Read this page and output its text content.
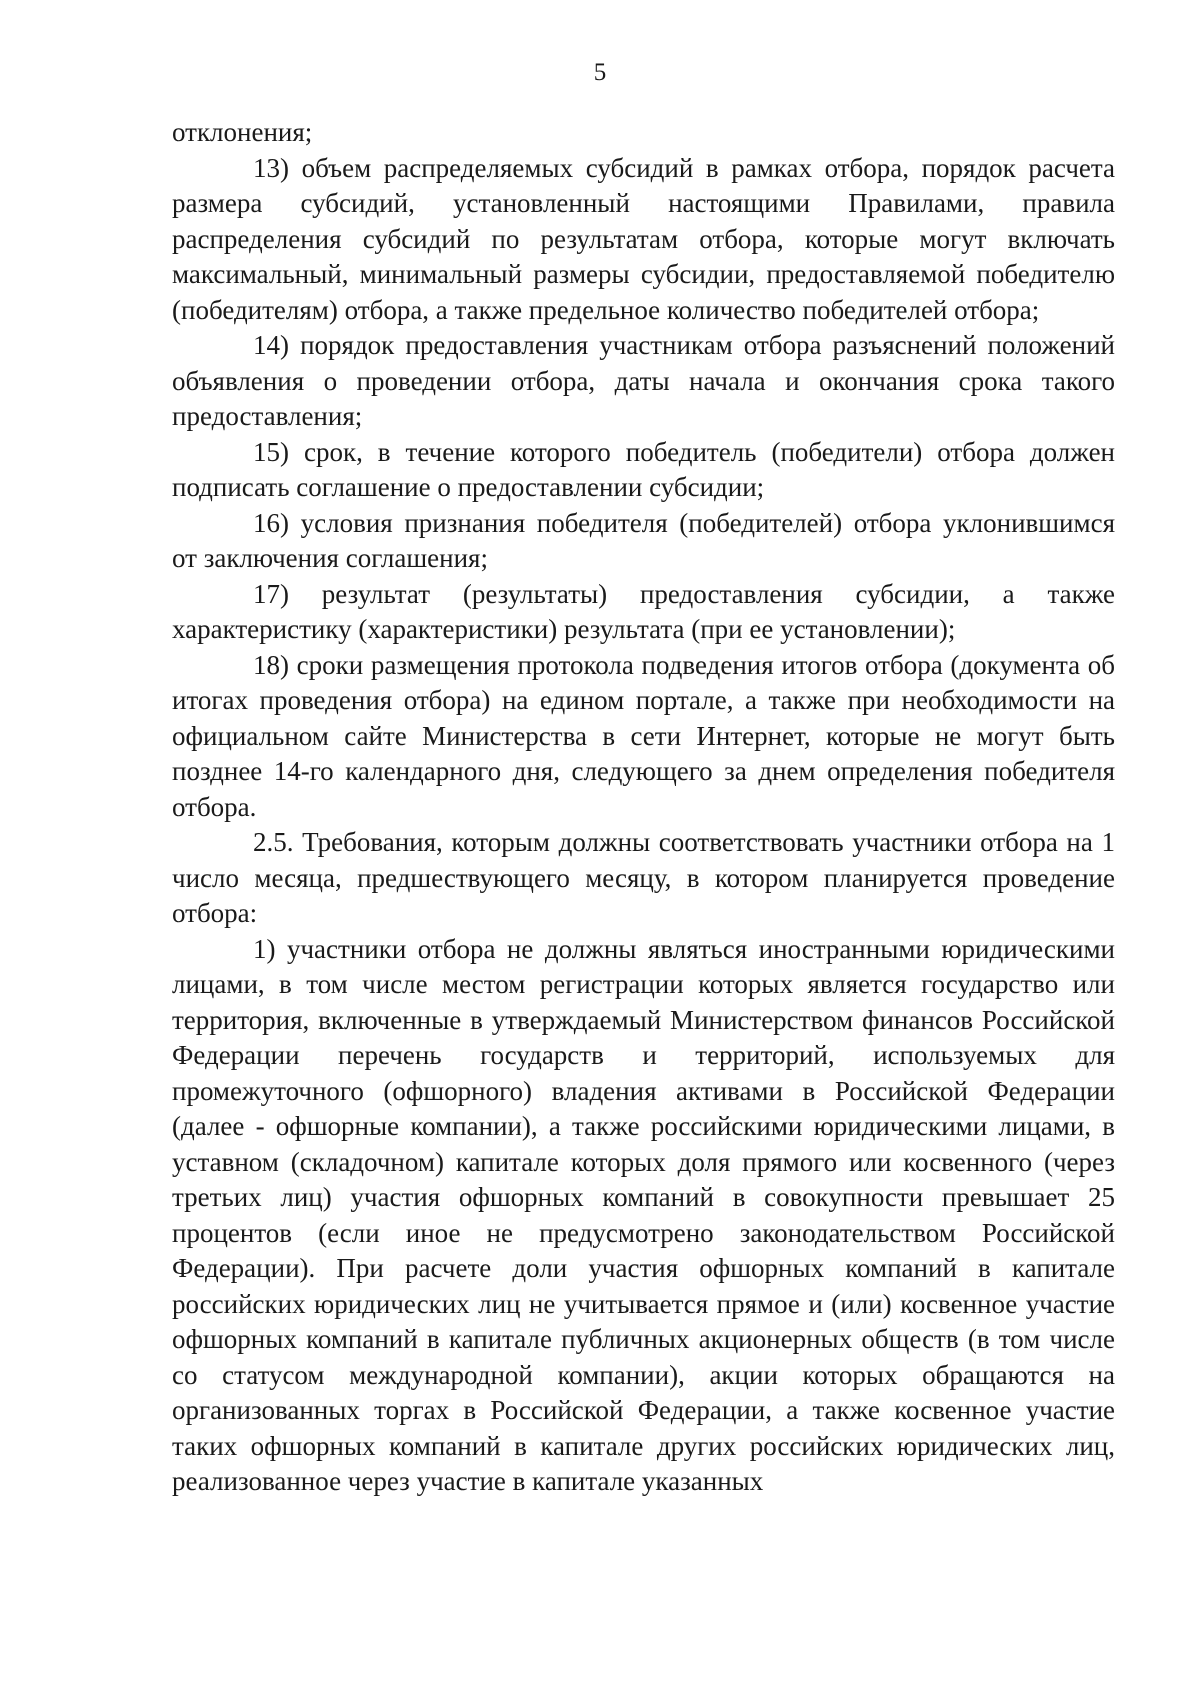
5

отклонения;

13) объем распределяемых субсидий в рамках отбора, порядок расчета размера субсидий, установленный настоящими Правилами, правила распределения субсидий по результатам отбора, которые могут включать максимальный, минимальный размеры субсидии, предоставляемой победителю (победителям) отбора, а также предельное количество победителей отбора;

14) порядок предоставления участникам отбора разъяснений положений объявления о проведении отбора, даты начала и окончания срока такого предоставления;

15) срок, в течение которого победитель (победители) отбора должен подписать соглашение о предоставлении субсидии;

16) условия признания победителя (победителей) отбора уклонившимся от заключения соглашения;

17) результат (результаты) предоставления субсидии, а также характеристику (характеристики) результата (при ее установлении);

18) сроки размещения протокола подведения итогов отбора (документа об итогах проведения отбора) на едином портале, а также при необходимости на официальном сайте Министерства в сети Интернет, которые не могут быть позднее 14-го календарного дня, следующего за днем определения победителя отбора.

2.5. Требования, которым должны соответствовать участники отбора на 1 число месяца, предшествующего месяцу, в котором планируется проведение отбора:

1) участники отбора не должны являться иностранными юридическими лицами, в том числе местом регистрации которых является государство или территория, включенные в утверждаемый Министерством финансов Российской Федерации перечень государств и территорий, используемых для промежуточного (офшорного) владения активами в Российской Федерации (далее - офшорные компании), а также российскими юридическими лицами, в уставном (складочном) капитале которых доля прямого или косвенного (через третьих лиц) участия офшорных компаний в совокупности превышает 25 процентов (если иное не предусмотрено законодательством Российской Федерации). При расчете доли участия офшорных компаний в капитале российских юридических лиц не учитывается прямое и (или) косвенное участие офшорных компаний в капитале публичных акционерных обществ (в том числе со статусом международной компании), акции которых обращаются на организованных торгах в Российской Федерации, а также косвенное участие таких офшорных компаний в капитале других российских юридических лиц, реализованное через участие в капитале указанных
